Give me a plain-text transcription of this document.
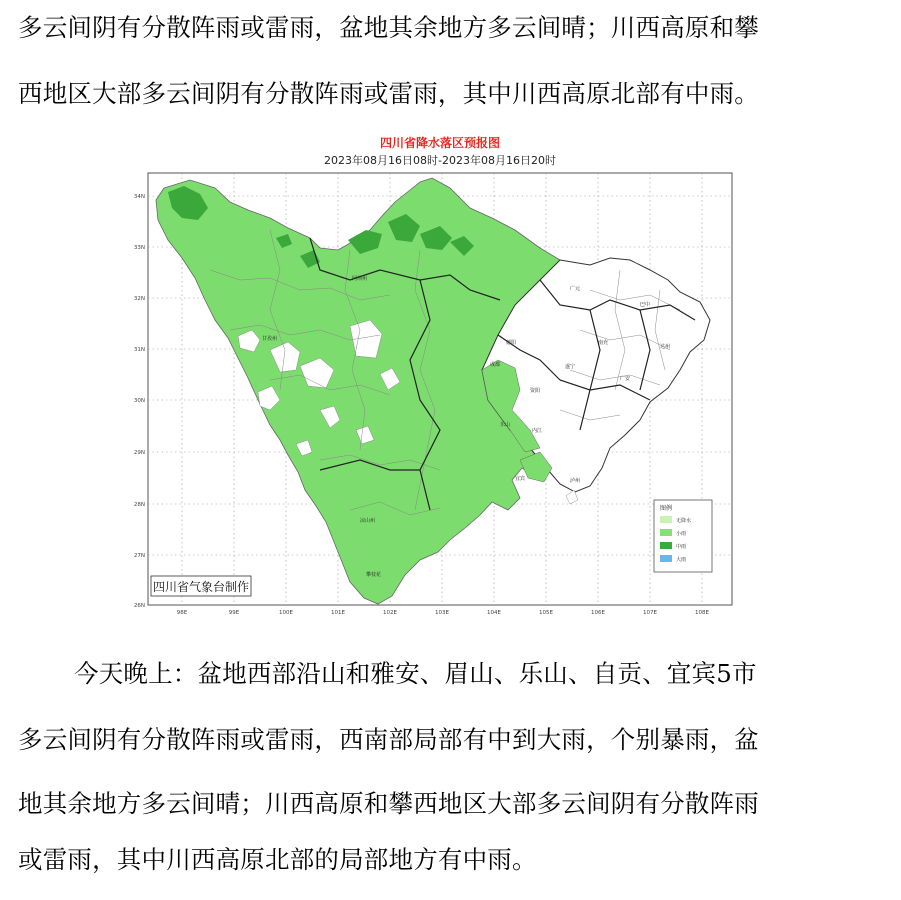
多云间阴有分散阵雨或雷雨，盆地其余地方多云间晴；川西高原和攀
西地区大部多云间阴有分散阵雨或雷雨，其中川西高原北部有中雨。
四川省降水落区预报图
2023年08月16日08时-2023年08月16日20时
34N
33N
32N
31N
30N
29N
28N
27N
26N
98E	99E	100E	101E	102E	103E	104E	105E	106E	107E	108E
阿坝州
甘孜州
凉山州
攀枝花
广元
巴中
南充
达州
德阳
成都
资阳
遂宁
广安
乐山
内江
宜宾	泸州
图例
无降水
小雨
中雨
大雨
四川省气象台制作
今天晚上：盆地西部沿山和雅安、眉山、乐山、自贡、宜宾5市
多云间阴有分散阵雨或雷雨，西南部局部有中到大雨，个别暴雨，盆
地其余地方多云间晴；川西高原和攀西地区大部多云间阴有分散阵雨
或雷雨，其中川西高原北部的局部地方有中雨。
